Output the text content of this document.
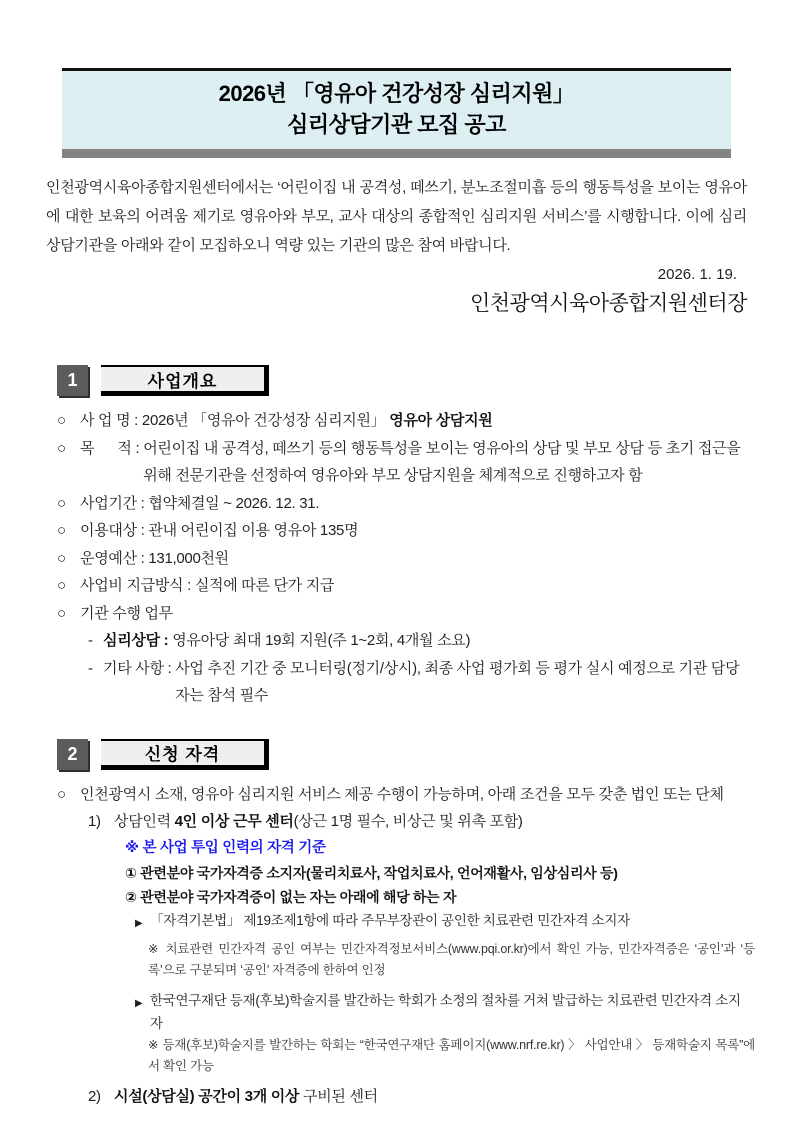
2026년 「영유아 건강성장 심리지원」
심리상담기관 모집 공고

인천광역시육아종합지원센터에서는 ‘어린이집 내 공격성, 떼쓰기, 분노조절미흡 등의 행동특성을 보이는 영유아에 대한 보육의 어려움 제기로 영유아와 부모, 교사 대상의 종합적인 심리지원 서비스’를 시행합니다. 이에 심리상담기관을 아래와 같이 모집하오니 역량 있는 기관의 많은 참여 바랍니다.

2026. 1. 19.
인천광역시육아종합지원센터장
1	사업개요
○ 사 업 명 : 2026년 「영유아 건강성장 심리지원」 영유아 상담지원
○ 목      적 : 어린이집 내 공격성, 떼쓰기 등의 행동특성을 보이는 영유아의 상담 및 부모 상담 등 초기 접근을 위해 전문기관을 선정하여 영유아와 부모 상담지원을 체계적으로 진행하고자 함
○ 사업기간 : 협약체결일 ~ 2026. 12. 31.
○ 이용대상 : 관내 어린이집 이용 영유아 135명
○ 운영예산 : 131,000천원
○ 사업비 지급방식 : 실적에 따른 단가 지급
○ 기관 수행 업무
- 심리상담 : 영유아당 최대 19회 지원(주 1~2회, 4개월 소요)
- 기타 사항 : 사업 추진 기간 중 모니터링(정기/상시), 최종 사업 평가회 등 평가 실시 예정으로 기관 담당자는 참석 필수
2	신청 자격
○ 인천광역시 소재, 영유아 심리지원 서비스 제공 수행이 가능하며, 아래 조건을 모두 갖춘 법인 또는 단체
1) 상담인력 4인 이상 근무 센터(상근 1명 필수, 비상근 및 위촉 포함)
※ 본 사업 투입 인력의 자격 기준
① 관련분야 국가자격증 소지자(물리치료사, 작업치료사, 언어재활사, 임상심리사 등)
② 관련분야 국가자격증이 없는 자는 아래에 해당 하는 자
▶ 「자격기본법」 제19조제1항에 따라 주무부장관이 공인한 치료관련 민간자격 소지자
※ 치료관련 민간자격 공인 여부는 민간자격정보서비스(www.pqi.or.kr)에서 확인 가능, 민간자격증은 ‘공인’과 ‘등록’으로 구분되며 ‘공인’ 자격증에 한하여 인정
▶ 한국연구재단 등재(후보)학술지를 발간하는 학회가 소정의 절차를 거쳐 발급하는 치료관련 민간자격 소지자
※ 등재(후보)학술지를 발간하는 학회는 “한국연구재단 홈페이지(www.nrf.re.kr) 〉 사업안내 〉 등재학술지 목록”에서 확인 가능
2) 시설(상담실) 공간이 3개 이상 구비된 센터
